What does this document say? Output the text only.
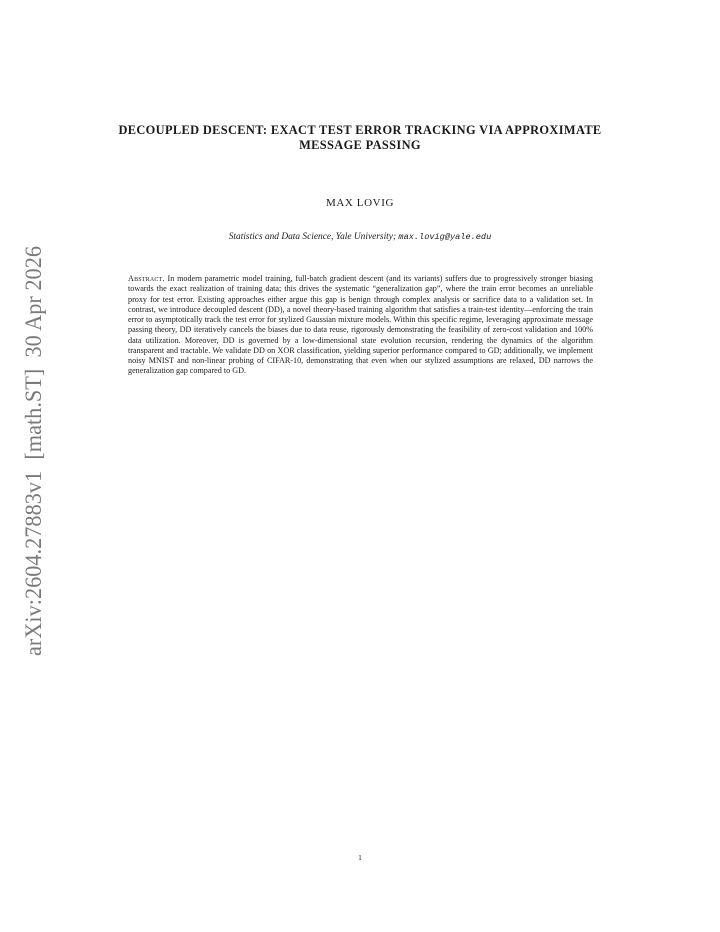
arXiv:2604.27883v1  [math.ST]  30 Apr 2026
DECOUPLED DESCENT: EXACT TEST ERROR TRACKING VIA APPROXIMATE MESSAGE PASSING

MAX LOVIG

Statistics and Data Science, Yale University; max.lovig@yale.edu

Abstract. In modern parametric model training, full-batch gradient descent (and its variants) suffers due to progressively stronger biasing towards the exact realization of training data; this drives the systematic “generalization gap”, where the train error becomes an unreliable proxy for test error. Existing approaches either argue this gap is benign through complex analysis or sacrifice data to a validation set. In contrast, we introduce decoupled descent (DD), a novel theory-based training algorithm that satisfies a train-test identity—enforcing the train error to asymptotically track the test error for stylized Gaussian mixture models. Within this specific regime, leveraging approximate message passing theory, DD iteratively cancels the biases due to data reuse, rigorously demonstrating the feasibility of zero-cost validation and 100% data utilization. Moreover, DD is governed by a low-dimensional state evolution recursion, rendering the dynamics of the algorithm transparent and tractable. We validate DD on XOR classification, yielding superior performance compared to GD; additionally, we implement noisy MNIST and non-linear probing of CIFAR-10, demonstrating that even when our stylized assumptions are relaxed, DD narrows the generalization gap compared to GD.

1
